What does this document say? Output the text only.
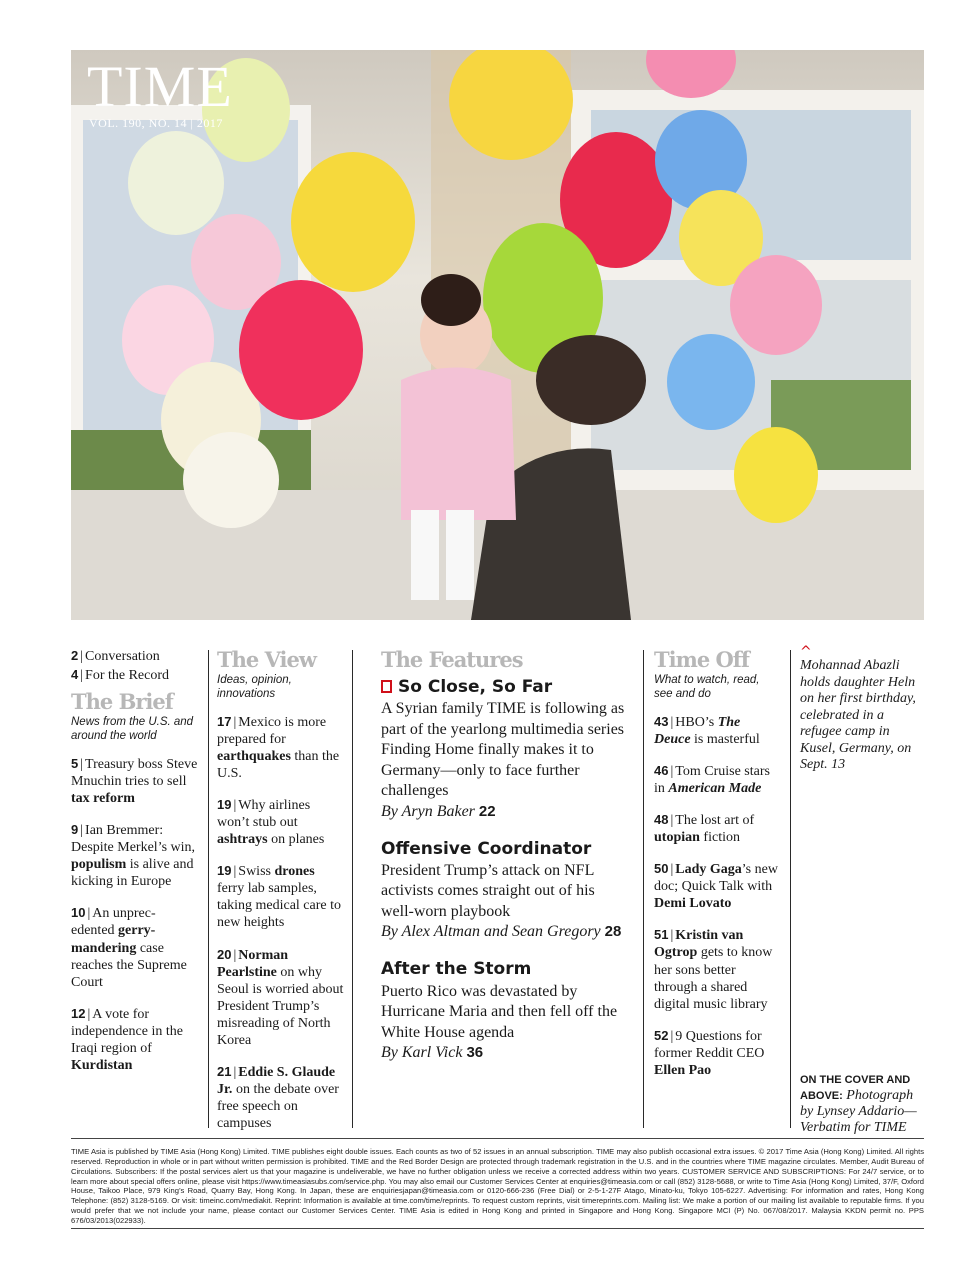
TIME
VOL. 190, NO. 14 | 2017
2 | Conversation
4 | For the Record
The Brief
News from the U.S. and around the world
5 | Treasury boss Steve Mnuchin tries to sell tax reform
9 | Ian Bremmer: Despite Merkel’s win, populism is alive and kicking in Europe
10 | An unprec-edented gerry-mandering case reaches the Supreme Court
12 | A vote for independence in the Iraqi region of Kurdistan
The View
Ideas, opinion, innovations
17 | Mexico is more prepared for earthquakes than the U.S.
19 | Why airlines won’t stub out ashtrays on planes
19 | Swiss drones ferry lab samples, taking medical care to new heights
20 | Norman Pearlstine on why Seoul is worried about President Trump’s misreading of North Korea
21 | Eddie S. Glaude Jr. on the debate over free speech on campuses
The Features
So Close, So Far
A Syrian family TIME is following as part of the yearlong multimedia series Finding Home finally makes it to Germany—only to face further challenges
By Aryn Baker 22
Offensive Coordinator
President Trump’s attack on NFL activists comes straight out of his well-worn playbook
By Alex Altman and Sean Gregory 28
After the Storm
Puerto Rico was devastated by Hurricane Maria and then fell off the White House agenda
By Karl Vick 36
Time Off
What to watch, read, see and do
43 | HBO’s The Deuce is masterful
46 | Tom Cruise stars in American Made
48 | The lost art of utopian fiction
50 | Lady Gaga’s new doc; Quick Talk with Demi Lovato
51 | Kristin van Ogtrop gets to know her sons better through a shared digital music library
52 | 9 Questions for former Reddit CEO Ellen Pao
^
Mohannad Abazli holds daughter Heln on her first birthday, celebrated in a refugee camp in Kusel, Germany, on Sept. 13
ON THE COVER AND ABOVE: Photograph by Lynsey Addario—Verbatim for TIME
TIME Asia is published by TIME Asia (Hong Kong) Limited. TIME publishes eight double issues. Each counts as two of 52 issues in an annual subscription. TIME may also publish occasional extra issues. © 2017 Time Asia (Hong Kong) Limited. All rights reserved. Reproduction in whole or in part without written permission is prohibited. TIME and the Red Border Design are protected through trademark registration in the U.S. and in the countries where TIME magazine circulates. Member, Audit Bureau of Circulations. Subscribers: If the postal services alert us that your magazine is undeliverable, we have no further obligation unless we receive a corrected address within two years. CUSTOMER SERVICE AND SUBSCRIPTIONS: For 24/7 service, or to learn more about special offers online, please visit https://www.timeasiasubs.com/service.php. You may also email our Customer Services Center at enquiries@timeasia.com or call (852) 3128-5688, or write to Time Asia (Hong Kong) Limited, 37/F, Oxford House, Taikoo Place, 979 King’s Road, Quarry Bay, Hong Kong. In Japan, these are enquiriesjapan@timeasia.com or 0120-666-236 (Free Dial) or 2-5-1-27F Atago, Minato-ku, Tokyo 105-6227. Advertising: For information and rates, Hong Kong Telephone: (852) 3128-5169. Or visit: timeinc.com/mediakit. Reprint: Information is available at time.com/time/reprints. To request custom reprints, visit timereprints.com. Mailing list: We make a portion of our mailing list available to reputable firms. If you would prefer that we not include your name, please contact our Customer Services Center. TIME Asia is edited in Hong Kong and printed in Singapore and Hong Kong. Singapore MCI (P) No. 067/08/2017. Malaysia KKDN permit no. PPS 676/03/2013(022933).
